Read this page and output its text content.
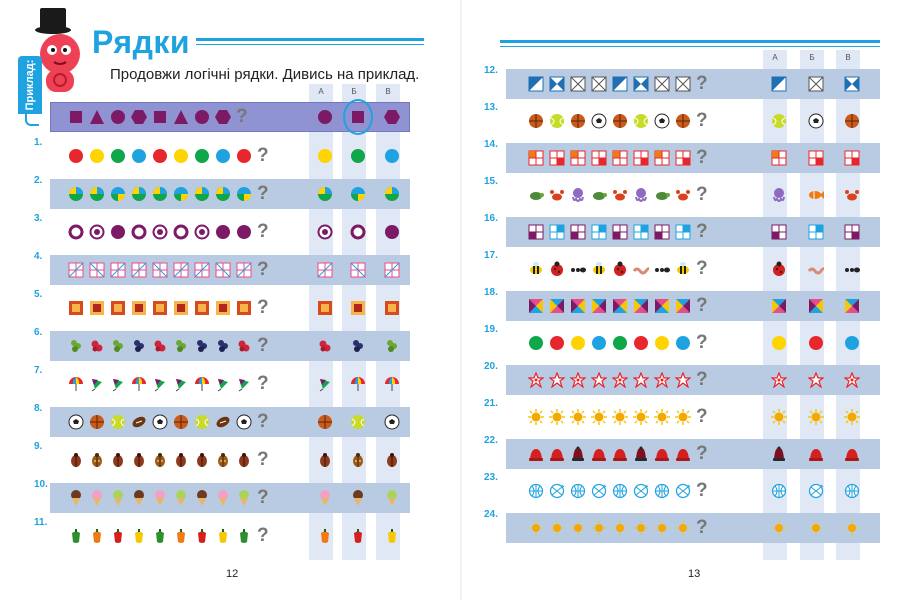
Рядки
Продовжи логічні рядки. Дивись на приклад.
Приклад:	А	Б	В
?
1.
?
2.
?
3.
?
4.
?
5.
?
6.
?
7.
?
8.
?
9.
?
10.
?
11.
?
12
А	Б	В
12.
?
13.
?
14.
?
15.
?
16.
?
17.
?
18.
?
19.
?
20.
?
21.
?
22.
?
23.
?
24.
?
13
